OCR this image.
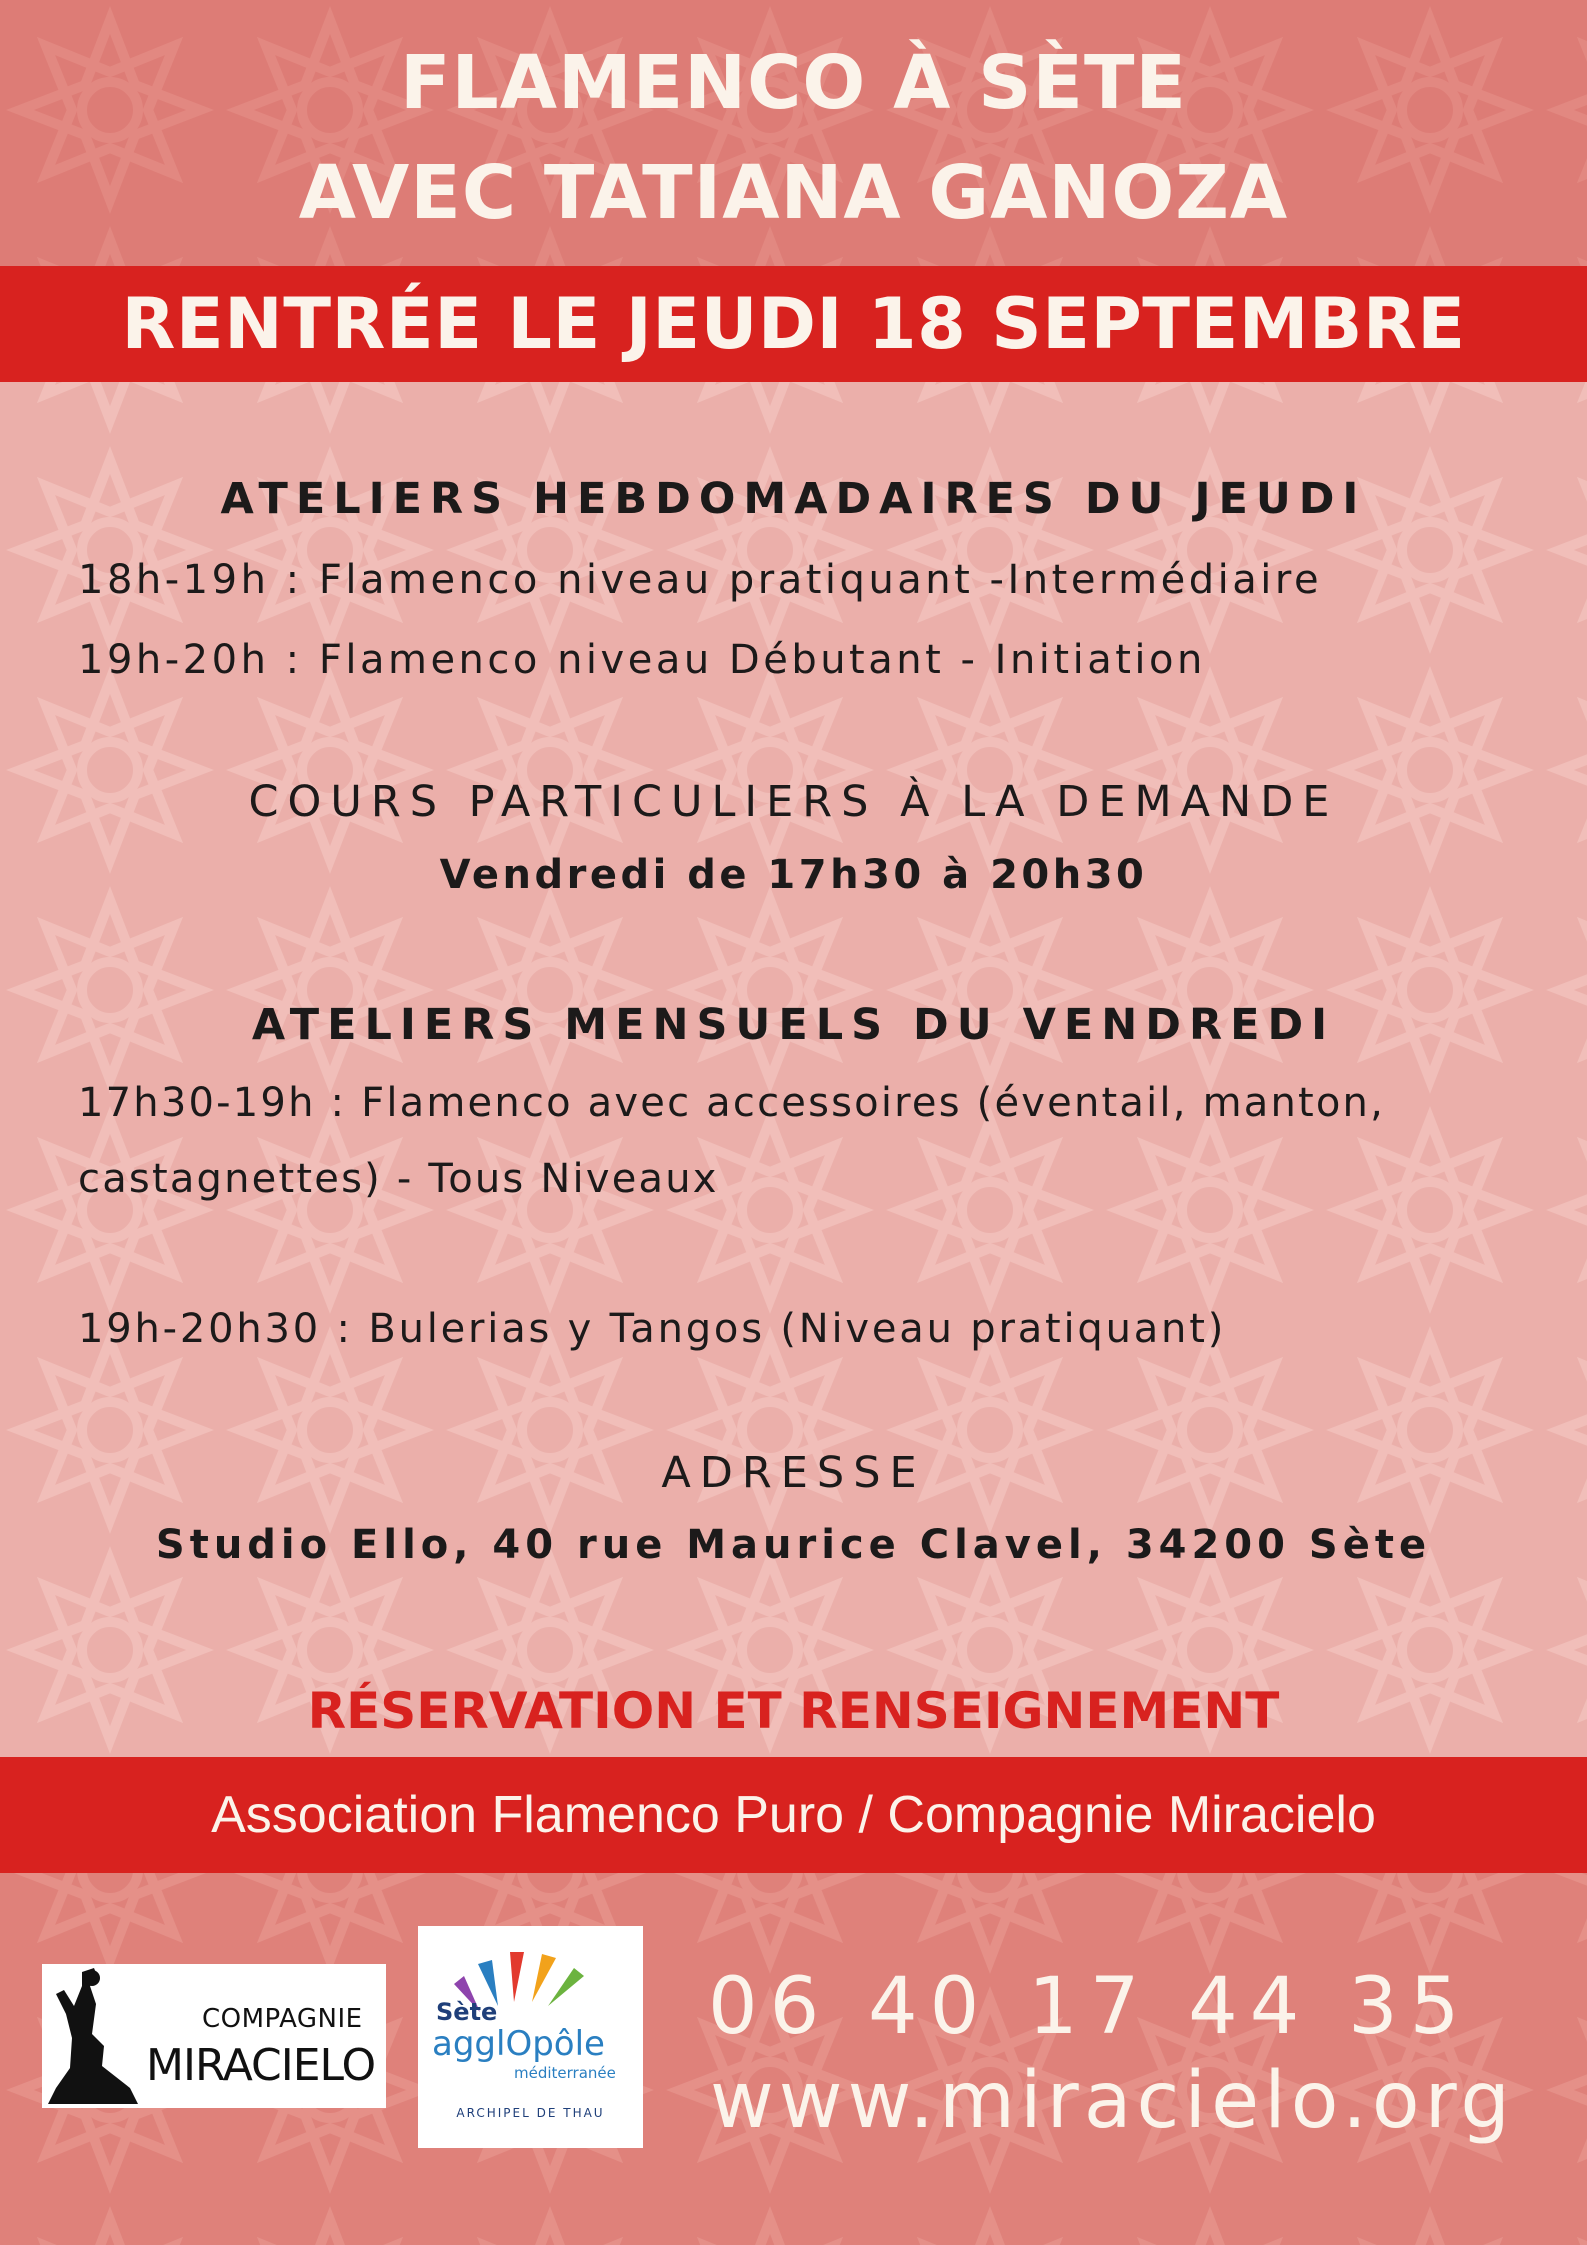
FLAMENCO À SÈTE
AVEC TATIANA GANOZA
RENTRÉE LE JEUDI 18 SEPTEMBRE
ATELIERS HEBDOMADAIRES DU JEUDI
18h-19h : Flamenco niveau pratiquant -Intermédiaire
19h-20h : Flamenco niveau Débutant - Initiation
COURS PARTICULIERS À LA DEMANDE
Vendredi de 17h30 à 20h30
ATELIERS MENSUELS DU VENDREDI
17h30-19h : Flamenco avec accessoires (éventail, manton,
castagnettes) - Tous Niveaux
19h-20h30 : Bulerias y Tangos (Niveau pratiquant)
ADRESSE
Studio Ello, 40 rue Maurice Clavel, 34200 Sète
RÉSERVATION ET RENSEIGNEMENT
Association Flamenco Puro / Compagnie Miracielo
COMPAGNIE
MIRACIELO
Sète
agglOpôle
méditerranée
ARCHIPEL DE THAU
06 40 17 44 35
www.miracielo.org
